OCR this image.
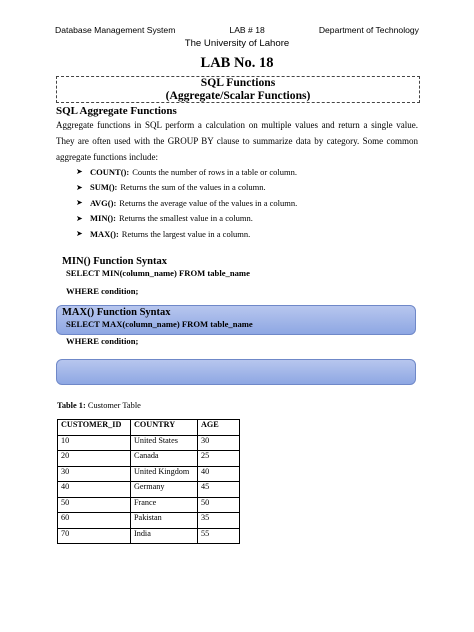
Database Management System	LAB # 18	Department of Technology
The University of Lahore
LAB No. 18
SQL Functions
(Aggregate/Scalar Functions)
SQL Aggregate Functions
Aggregate functions in SQL perform a calculation on multiple values and return a single value. They are often used with the GROUP BY clause to summarize data by category. Some common aggregate functions include:
➤ COUNT(): Counts the number of rows in a table or column.
➤ SUM(): Returns the sum of the values in a column.
➤ AVG(): Returns the average value of the values in a column.
➤ MIN(): Returns the smallest value in a column.
➤ MAX(): Returns the largest value in a column.
MIN() Function Syntax
SELECT MIN(column_name) FROM table_name
WHERE condition;
MAX() Function Syntax
SELECT MAX(column_name) FROM table_name
WHERE condition;
Table 1: Customer Table
CUSTOMER_ID	COUNTRY	AGE
10	United States	30
20	Canada	25
30	United Kingdom	40
40	Germany	45
50	France	50
60	Pakistan	35
70	India	55
